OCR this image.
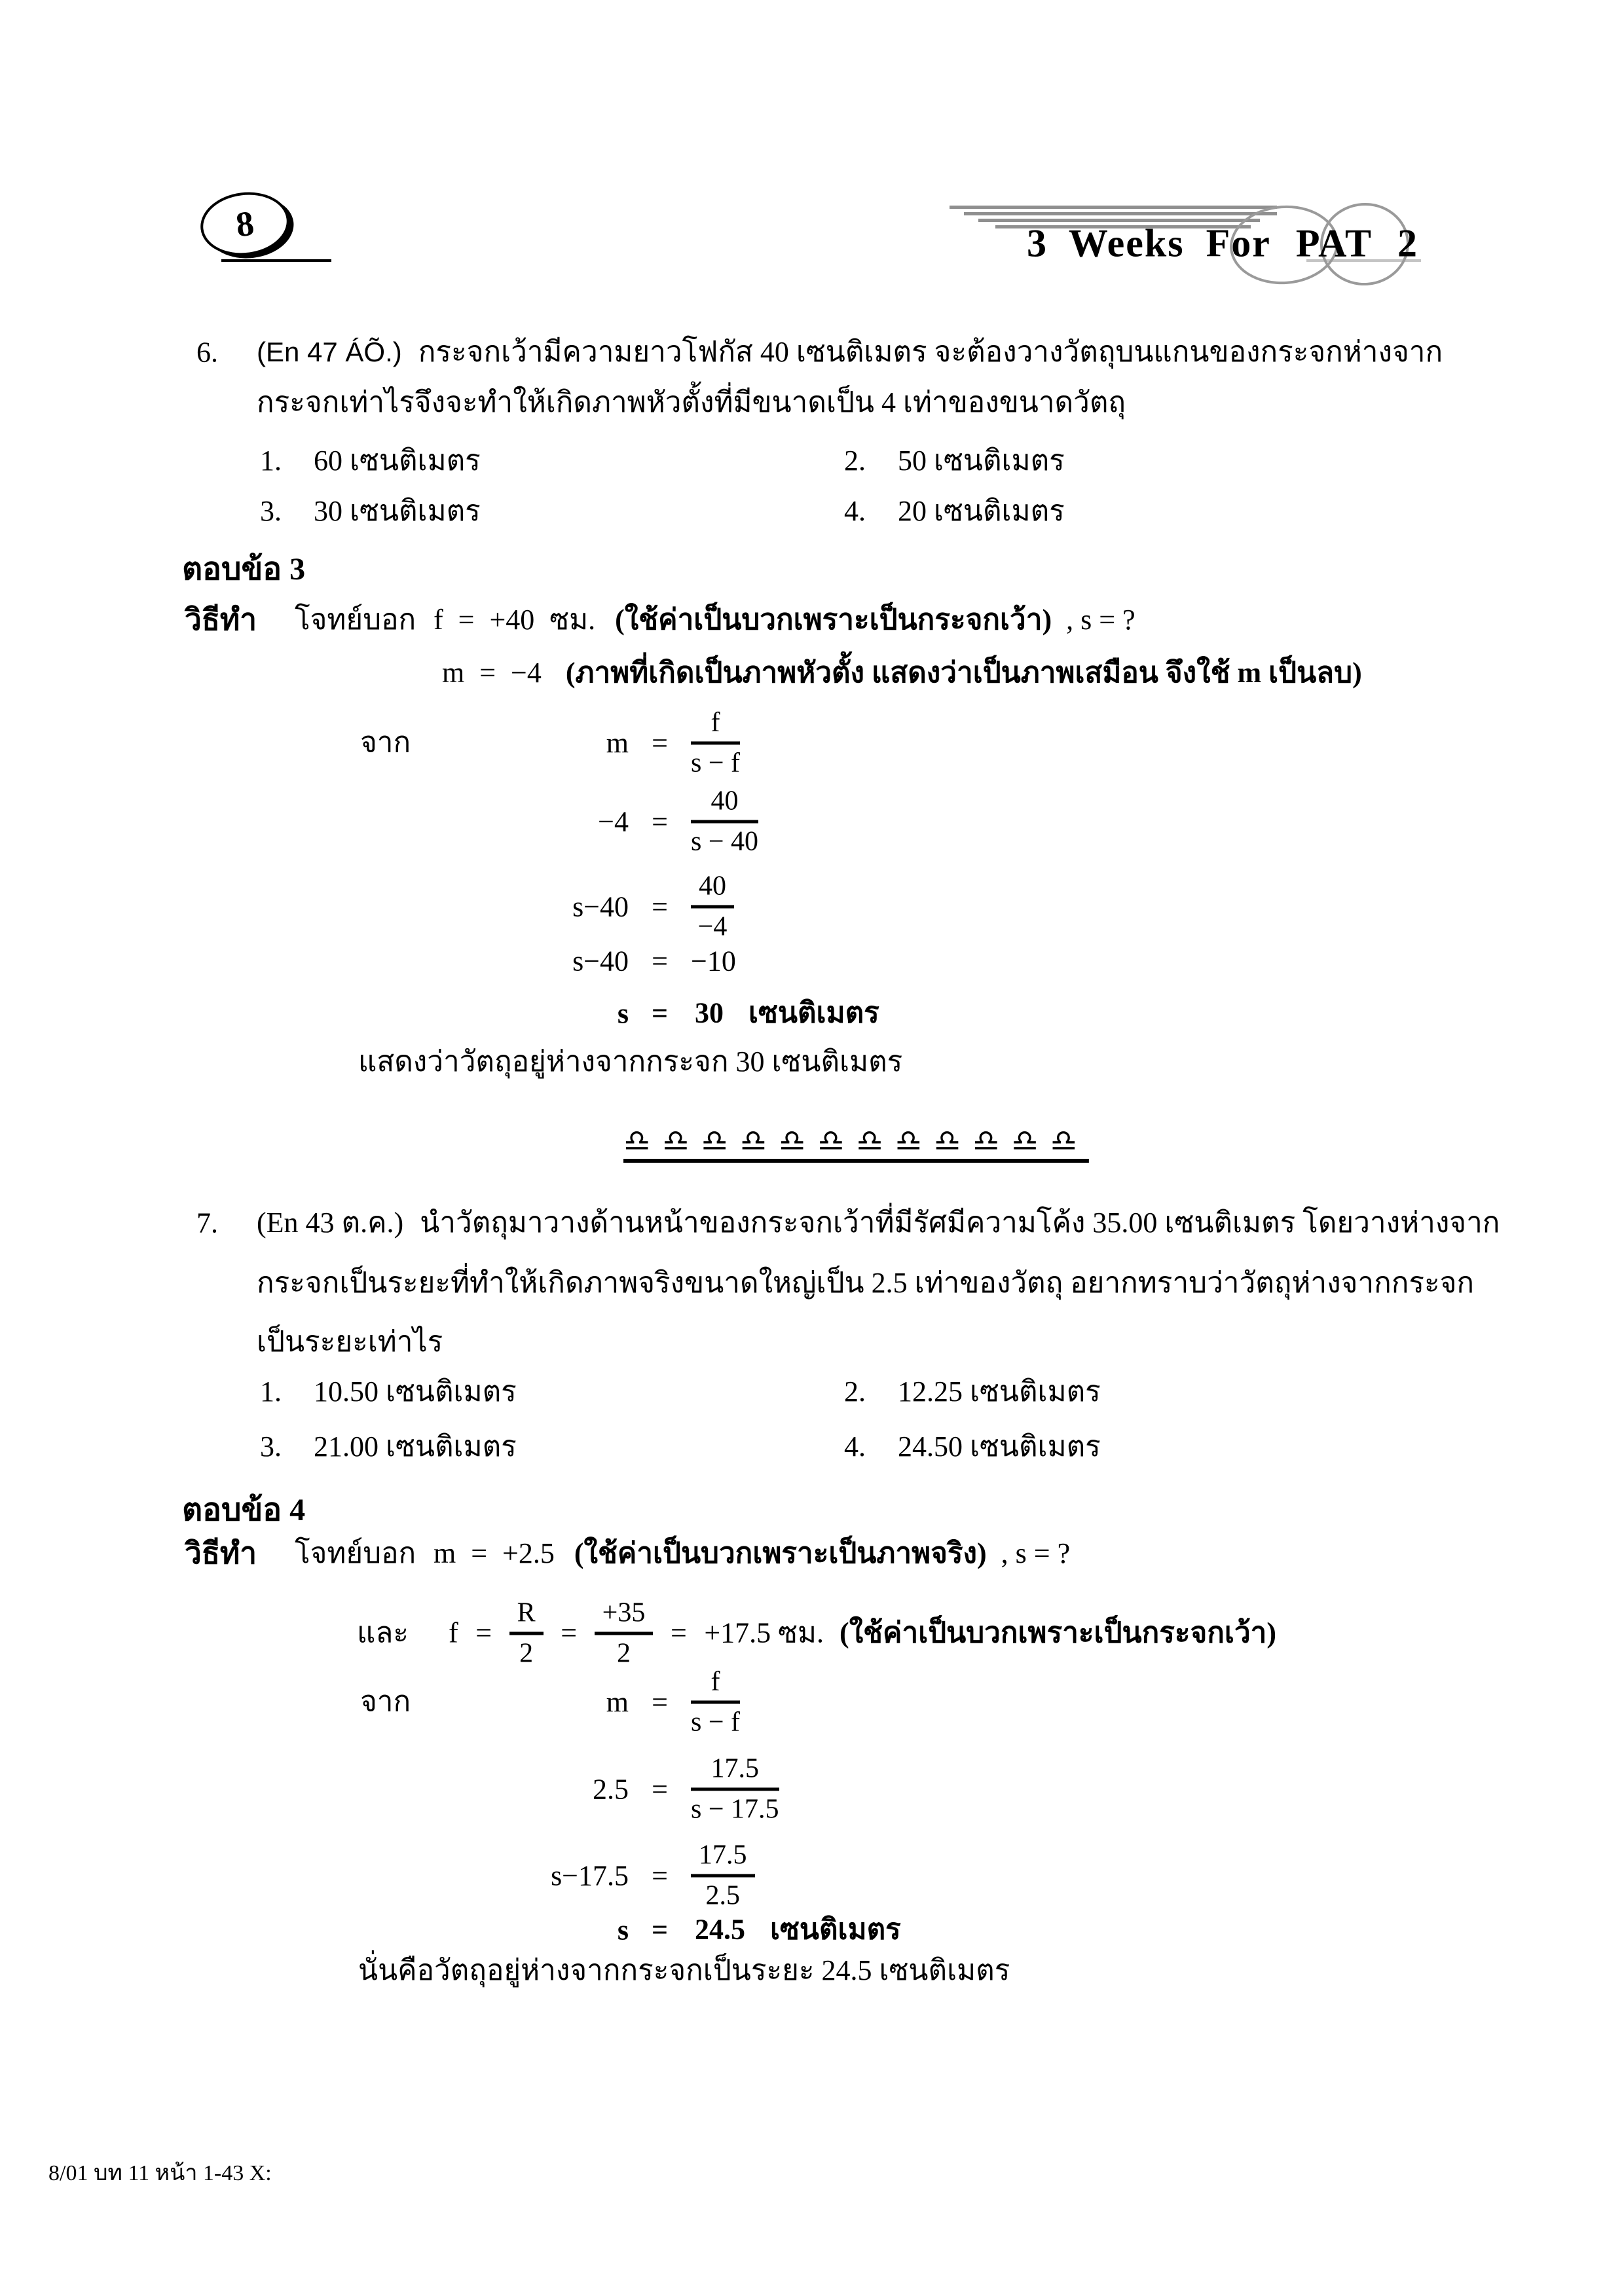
8	3 Weeks For PAT 2
6. (En 47 ÁÕ.) กระจกเว้ามีความยาวโฟกัส 40 เซนติเมตร จะต้องวางวัตถุบนแกนของกระจกห่างจาก
กระจกเท่าไรจึงจะทำให้เกิดภาพหัวตั้งที่มีขนาดเป็น 4 เท่าของขนาดวัตถุ
1. 60 เซนติเมตร	2. 50 เซนติเมตร
3. 30 เซนติเมตร	4. 20 เซนติเมตร
ตอบข้อ 3
วิธีทำ	โจทย์บอก f = +40 ซม. (ใช้ค่าเป็นบวกเพราะเป็นกระจกเว้า) , s = ?
m = −4 (ภาพที่เกิดเป็นภาพหัวตั้ง แสดงว่าเป็นภาพเสมือน จึงใช้ m เป็นลบ)
จาก	$m = \frac{f}{s - f}$
$-4 = \frac{40}{s - 40}$
$s-40 = \frac{40}{-4}$
s−40 = −10
s = 30 เซนติเมตร
แสดงว่าวัตถุอยู่ห่างจากกระจก 30 เซนติเมตร
♎♎♎♎♎♎♎♎♎♎♎♎
7. (En 43 ต.ค.) นำวัตถุมาวางด้านหน้าของกระจกเว้าที่มีรัศมีความโค้ง 35.00 เซนติเมตร โดยวางห่างจาก
กระจกเป็นระยะที่ทำให้เกิดภาพจริงขนาดใหญ่เป็น 2.5 เท่าของวัตถุ อยากทราบว่าวัตถุห่างจากกระจก
เป็นระยะเท่าไร
1. 10.50 เซนติเมตร	2. 12.25 เซนติเมตร
3. 21.00 เซนติเมตร	4. 24.50 เซนติเมตร
ตอบข้อ 4
วิธีทำ	โจทย์บอก m = +2.5 (ใช้ค่าเป็นบวกเพราะเป็นภาพจริง) , s = ?
และ	$f = \frac{R}{2} = \frac{+35}{2} = +17.5$ ซม. (ใช้ค่าเป็นบวกเพราะเป็นกระจกเว้า)
จาก	$m = \frac{f}{s - f}$
$2.5 = \frac{17.5}{s - 17.5}$
$s-17.5 = \frac{17.5}{2.5}$
s = 24.5 เซนติเมตร
นั่นคือวัตถุอยู่ห่างจากกระจกเป็นระยะ 24.5 เซนติเมตร
8/01 บท 11 หน้า 1-43 X:
